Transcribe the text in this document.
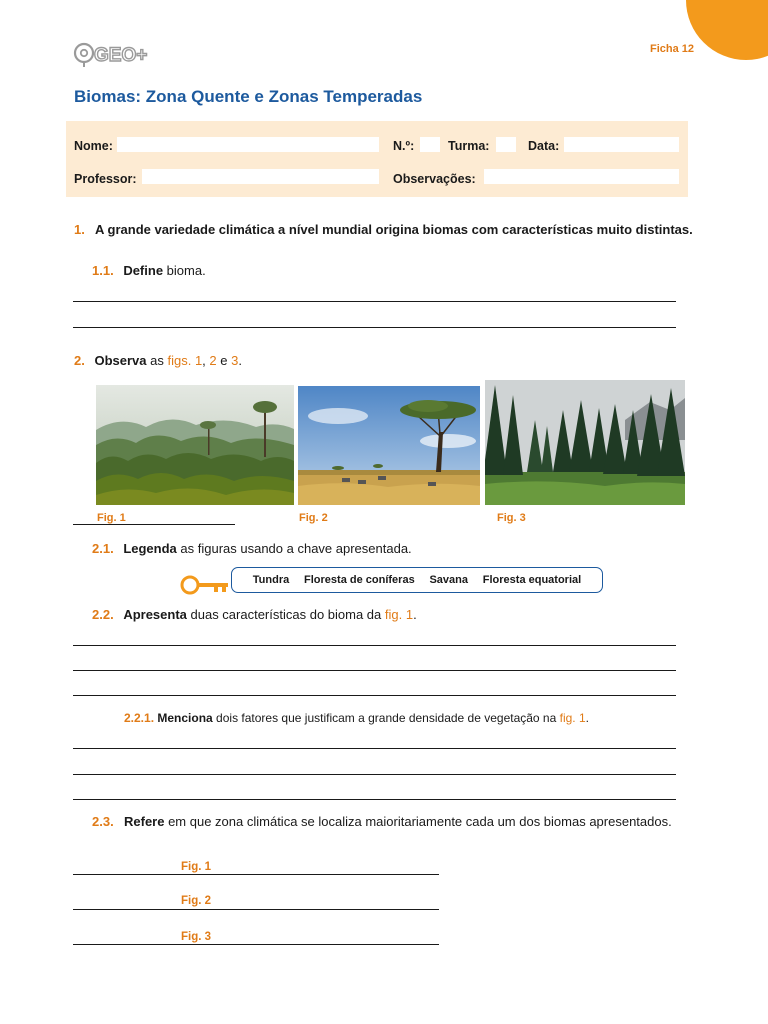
GEO+	Ficha 12
Biomas: Zona Quente e Zonas Temperadas
Nome:	N.º:	Turma:	Data:
Professor:	Observações:
1. A grande variedade climática a nível mundial origina biomas com características muito distintas.
1.1. Define bioma.
2. Observa as figs. 1, 2 e 3.
Fig. 1	Fig. 2	Fig. 3
2.1. Legenda as figuras usando a chave apresentada.
Tundra Floresta de coníferas Savana Floresta equatorial
2.2. Apresenta duas características do bioma da fig. 1.
2.2.1. Menciona dois fatores que justificam a grande densidade de vegetação na fig. 1.
2.3. Refere em que zona climática se localiza maioritariamente cada um dos biomas apresentados.
Fig. 1
Fig. 2
Fig. 3
